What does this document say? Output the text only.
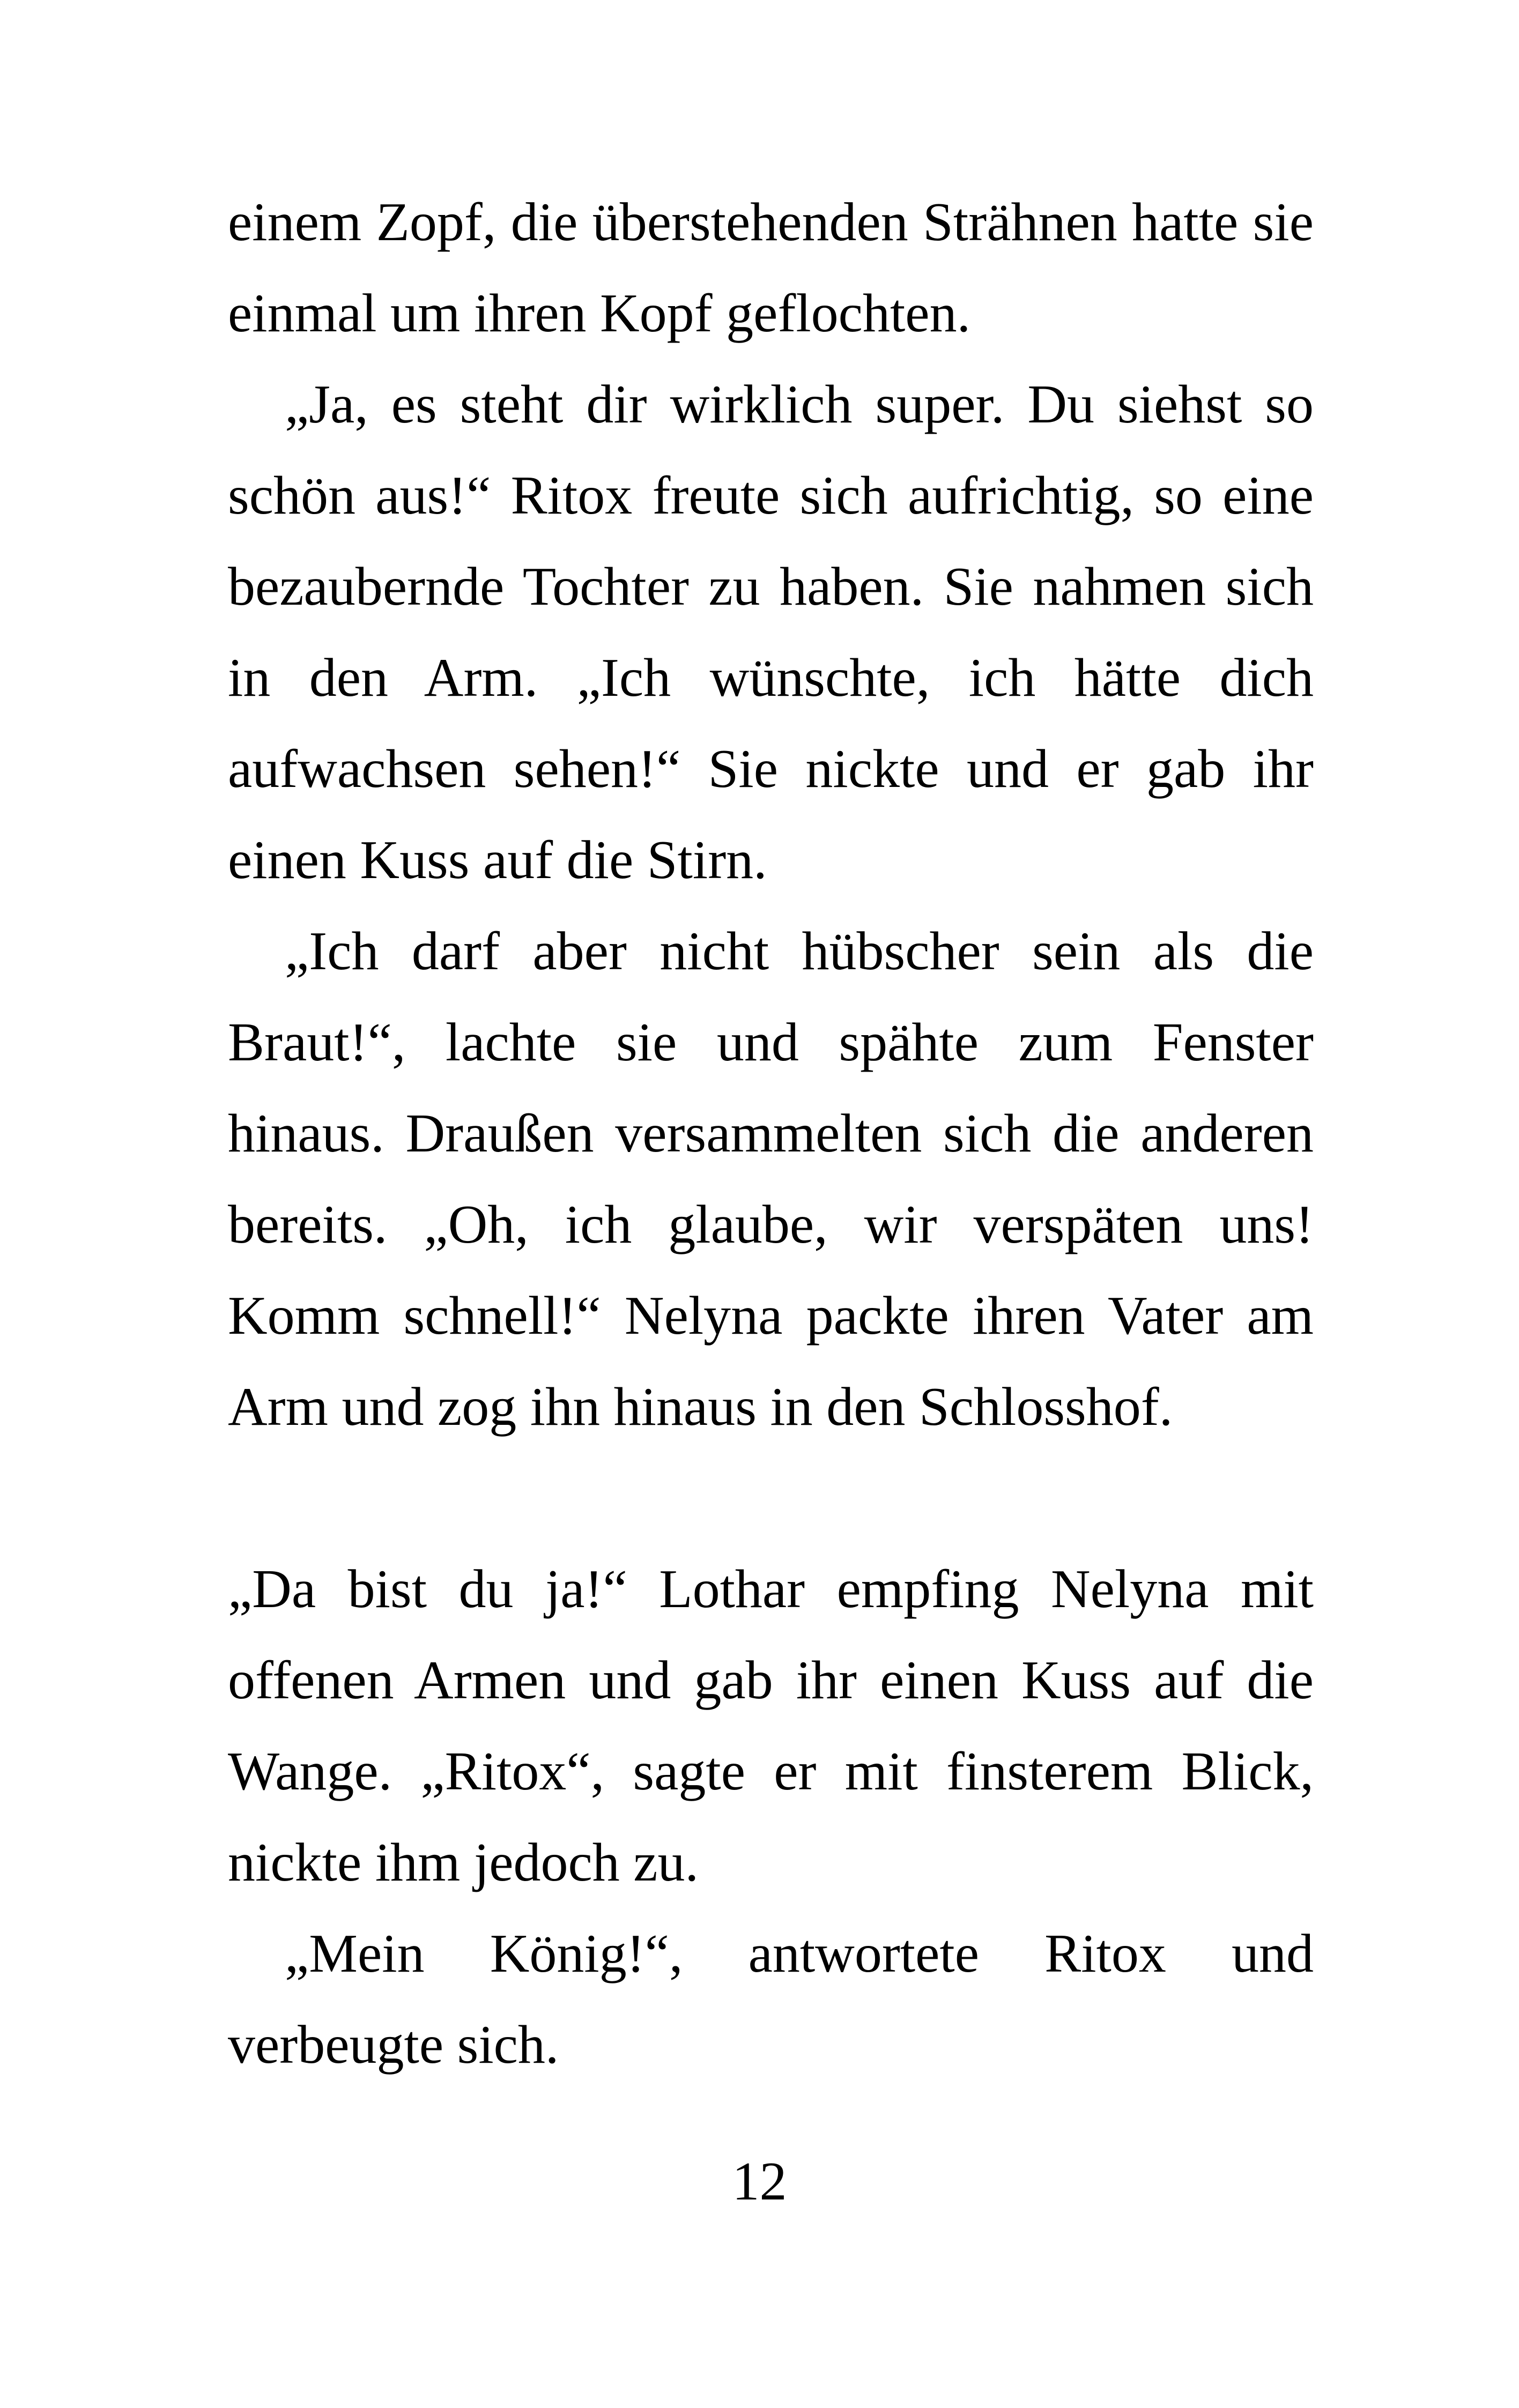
einem Zopf, die überstehenden Strähnen hatte sie einmal um ihren Kopf geflochten.

„Ja, es steht dir wirklich super. Du siehst so schön aus!“ Ritox freute sich aufrichtig, so eine bezaubernde Tochter zu haben. Sie nahmen sich in den Arm. „Ich wünschte, ich hätte dich aufwachsen sehen!“ Sie nickte und er gab ihr einen Kuss auf die Stirn.

„Ich darf aber nicht hübscher sein als die Braut!“, lachte sie und spähte zum Fenster hinaus. Draußen versammelten sich die anderen bereits. „Oh, ich glaube, wir verspäten uns! Komm schnell!“ Nelyna packte ihren Vater am Arm und zog ihn hinaus in den Schlosshof.

„Da bist du ja!“ Lothar empfing Nelyna mit offenen Armen und gab ihr einen Kuss auf die Wange. „Ritox“, sagte er mit finsterem Blick, nickte ihm jedoch zu.

„Mein König!“, antwortete Ritox und verbeugte sich.

12
